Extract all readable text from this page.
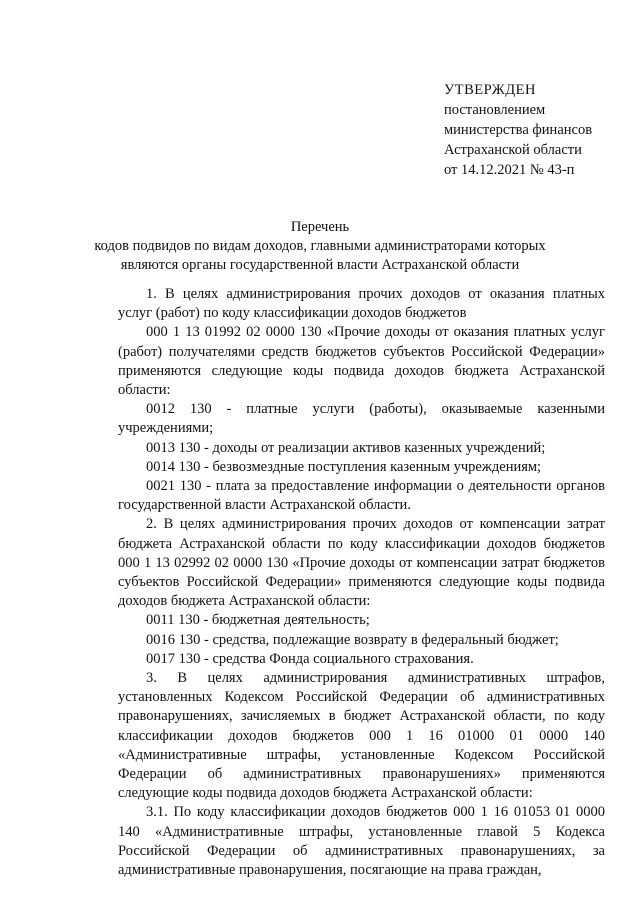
УТВЕРЖДЕН
постановлением
министерства финансов
Астраханской области
от 14.12.2021 № 43-п
Перечень
кодов подвидов по видам доходов, главными администраторами которых
являются органы государственной власти Астраханской области

1. В целях администрирования прочих доходов от оказания платных услуг (работ) по коду классификации доходов бюджетов

000 1 13 01992 02 0000 130 «Прочие доходы от оказания платных услуг (работ) получателями средств бюджетов субъектов Российской Федерации» применяются следующие коды подвида доходов бюджета Астраханской области:

0012 130 - платные услуги (работы), оказываемые казенными учреждениями;

0013 130 - доходы от реализации активов казенных учреждений;

0014 130 - безвозмездные поступления казенным учреждениям;

0021 130 - плата за предоставление информации о деятельности органов государственной власти Астраханской области.

2. В целях администрирования прочих доходов от компенсации затрат бюджета Астраханской области по коду классификации доходов бюджетов 000 1 13 02992 02 0000 130 «Прочие доходы от компенсации затрат бюджетов субъектов Российской Федерации» применяются следующие коды подвида доходов бюджета Астраханской области:

0011 130 - бюджетная деятельность;

0016 130 - средства, подлежащие возврату в федеральный бюджет;

0017 130 - средства Фонда социального страхования.

3. В целях администрирования административных штрафов, установленных Кодексом Российской Федерации об административных правонарушениях, зачисляемых в бюджет Астраханской области, по коду классификации доходов бюджетов 000 1 16 01000 01 0000 140 «Административные штрафы, установленные Кодексом Российской Федерации об административных правонарушениях» применяются следующие коды подвида доходов бюджета Астраханской области:

3.1. По коду классификации доходов бюджетов 000 1 16 01053 01 0000 140 «Административные штрафы, установленные главой 5 Кодекса Российской Федерации об административных правонарушениях, за административные правонарушения, посягающие на права граждан,
